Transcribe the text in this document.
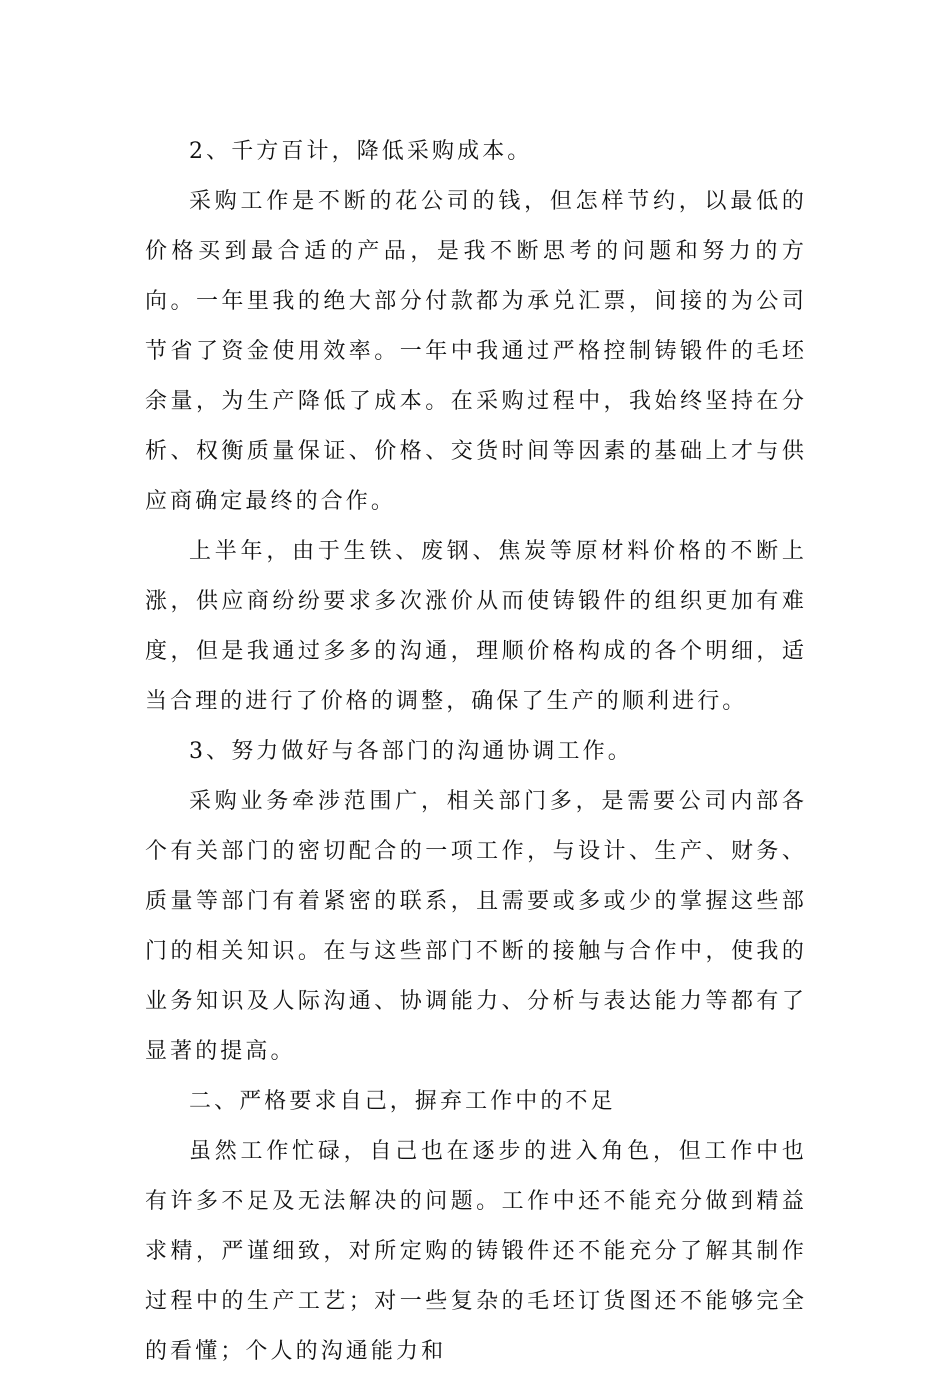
2、千方百计，降低采购成本。

采购工作是不断的花公司的钱，但怎样节约，以最低的价格买到最合适的产品，是我不断思考的问题和努力的方向。一年里我的绝大部分付款都为承兑汇票，间接的为公司节省了资金使用效率。一年中我通过严格控制铸锻件的毛坯余量，为生产降低了成本。在采购过程中，我始终坚持在分析、权衡质量保证、价格、交货时间等因素的基础上才与供应商确定最终的合作。

上半年，由于生铁、废钢、焦炭等原材料价格的不断上涨，供应商纷纷要求多次涨价从而使铸锻件的组织更加有难度，但是我通过多多的沟通，理顺价格构成的各个明细，适当合理的进行了价格的调整，确保了生产的顺利进行。

3、努力做好与各部门的沟通协调工作。

采购业务牵涉范围广，相关部门多，是需要公司内部各个有关部门的密切配合的一项工作，与设计、生产、财务、质量等部门有着紧密的联系，且需要或多或少的掌握这些部门的相关知识。在与这些部门不断的接触与合作中，使我的业务知识及人际沟通、协调能力、分析与表达能力等都有了显著的提高。

二、严格要求自己，摒弃工作中的不足

虽然工作忙碌，自己也在逐步的进入角色，但工作中也有许多不足及无法解决的问题。工作中还不能充分做到精益求精，严谨细致，对所定购的铸锻件还不能充分了解其制作过程中的生产工艺；对一些复杂的毛坯订货图还不能够完全的看懂；个人的沟通能力和
